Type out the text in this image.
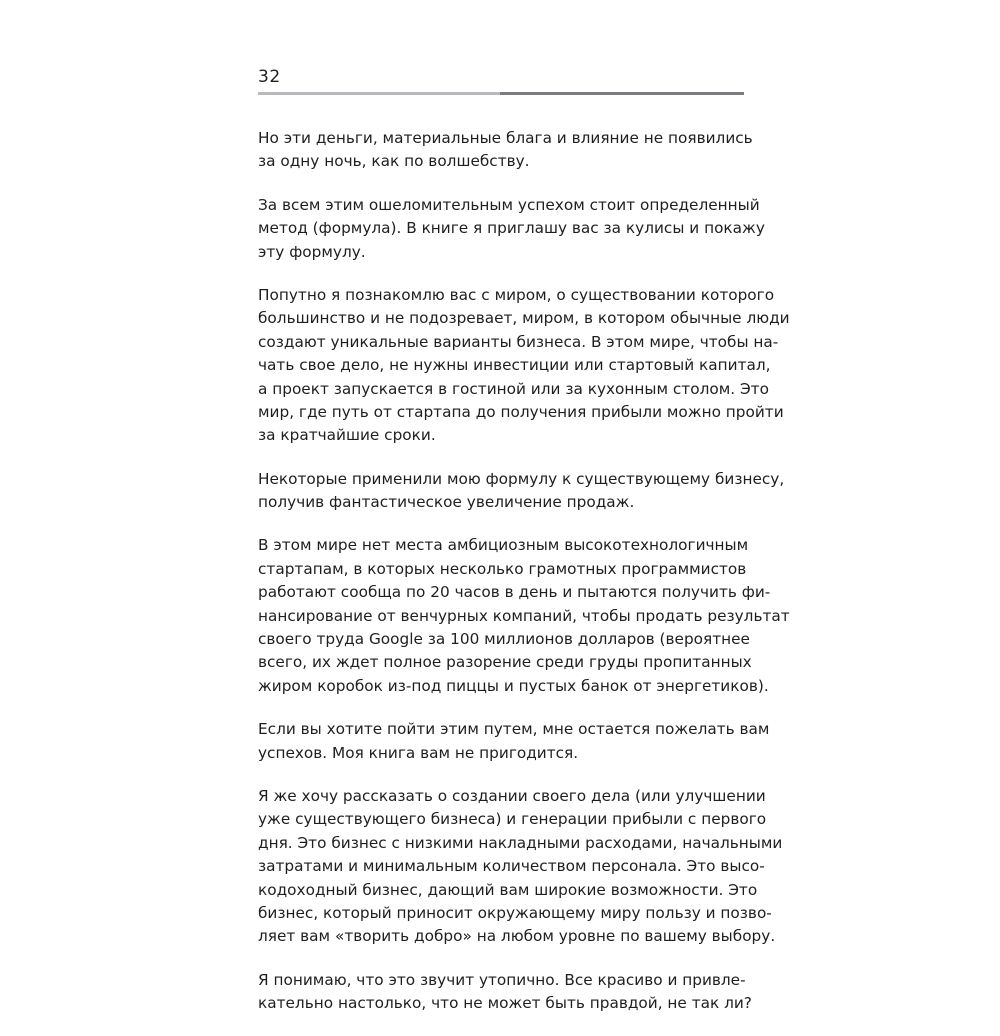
32

Но эти деньги, материальные блага и влияние не появились
за одну ночь, как по волшебству.

За всем этим ошеломительным успехом стоит определенный
метод (формула). В книге я приглашу вас за кулисы и покажу
эту формулу.

Попутно я познакомлю вас с миром, о существовании которого
большинство и не подозревает, миром, в котором обычные люди
создают уникальные варианты бизнеса. В этом мире, чтобы на-
чать свое дело, не нужны инвестиции или стартовый капитал,
а проект запускается в гостиной или за кухонным столом. Это
мир, где путь от стартапа до получения прибыли можно пройти
за кратчайшие сроки.

Некоторые применили мою формулу к существующему бизнесу,
получив фантастическое увеличение продаж.

В этом мире нет места амбициозным высокотехнологичным
стартапам, в которых несколько грамотных программистов
работают сообща по 20 часов в день и пытаются получить фи-
нансирование от венчурных компаний, чтобы продать результат
своего труда Google за 100 миллионов долларов (вероятнее
всего, их ждет полное разорение среди груды пропитанных
жиром коробок из-под пиццы и пустых банок от энергетиков).

Если вы хотите пойти этим путем, мне остается пожелать вам
успехов. Моя книга вам не пригодится.

Я же хочу рассказать о создании своего дела (или улучшении
уже существующего бизнеса) и генерации прибыли с первого
дня. Это бизнес с низкими накладными расходами, начальными
затратами и минимальным количеством персонала. Это высо-
кодоходный бизнес, дающий вам широкие возможности. Это
бизнес, который приносит окружающему миру пользу и позво-
ляет вам «творить добро» на любом уровне по вашему выбору.

Я понимаю, что это звучит утопично. Все красиво и привле-
кательно настолько, что не может быть правдой, не так ли?
